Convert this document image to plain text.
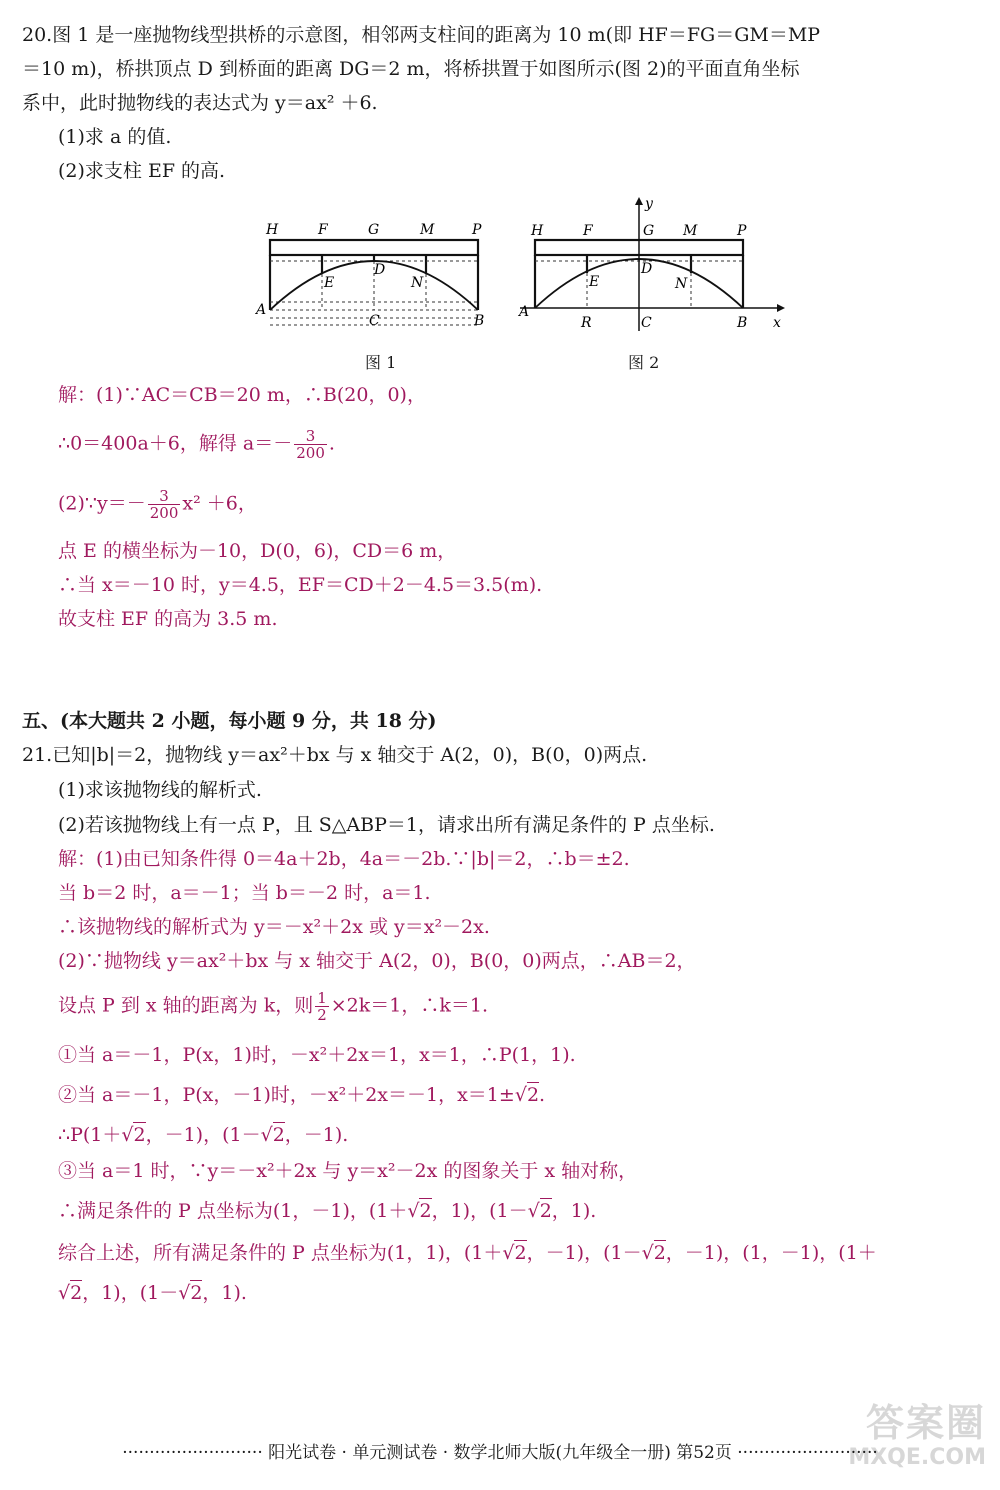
20.图 1 是一座抛物线型拱桥的示意图，相邻两支柱间的距离为 10 m(即 HF＝FG＝GM＝MP
＝10 m)，桥拱顶点 D 到桥面的距离 DG＝2 m，将桥拱置于如图所示(图 2)的平面直角坐标
系中，此时抛物线的表达式为 y＝ax² ＋6.
(1)求 a 的值.
(2)求支柱 EF 的高.
H	F	G	M	P
E
D
N
A
C	B
图 1
y
H	F	G M	P
E
D
N
A
R	C	B x
图 2
解：(1)∵AC＝CB＝20 m，∴B(20，0)，
∴0＝400a＋6，解得 $a=- \frac{3}{200}$ .
(2)∵y＝－ $\frac{3}{200} x^2 +6$，
点 E 的横坐标为－10，D(0，6)，CD＝6 m，
∴当 x＝－10 时，y＝4.5，EF＝CD＋2－4.5＝3.5(m).
故支柱 EF 的高为 3.5 m.
五、(本大题共 2 小题，每小题 9 分，共 18 分)
21.已知|b|＝2，抛物线 y＝ax²＋bx 与 x 轴交于 A(2，0)，B(0，0)两点.
(1)求该抛物线的解析式.
(2)若该抛物线上有一点 P，且 S△ABP＝1，请求出所有满足条件的 P 点坐标.
解：(1)由已知条件得 0＝4a＋2b，4a＝－2b.∵|b|＝2，∴b＝±2.
当 b＝2 时，a＝－1；当 b＝－2 时，a＝1.
∴该抛物线的解析式为 y＝－x²＋2x 或 y＝x²－2x.
(2)∵抛物线 y＝ax²＋bx 与 x 轴交于 A(2，0)，B(0，0)两点，∴AB＝2，
设点 P 到 x 轴的距离为 k，则 $\frac{1}{2} \times 2k=1$，∴k＝1.
①当 a＝－1，P(x，1)时，－x²＋2x＝1，x＝1，∴P(1，1).
②当 a＝－1，P(x，－1)时，－x²＋2x＝－1，x＝1±√2.
∴P(1＋√2，－1)，(1－√2，－1).
③当 a＝1 时，∵y＝－x²＋2x 与 y＝x²－2x 的图象关于 x 轴对称，
∴满足条件的 P 点坐标为(1，－1)，(1＋√2，1)，(1－√2，1).
综合上述，所有满足条件的 P 点坐标为(1，1)，(1＋√2，－1)，(1－√2，－1)，(1，－1)，(1＋
√2，1)，(1－√2，1).
答案圈
MXQE.COM
·························· 阳光试卷 · 单元测试卷 · 数学北师大版(九年级全一册) 第52页 ··························
